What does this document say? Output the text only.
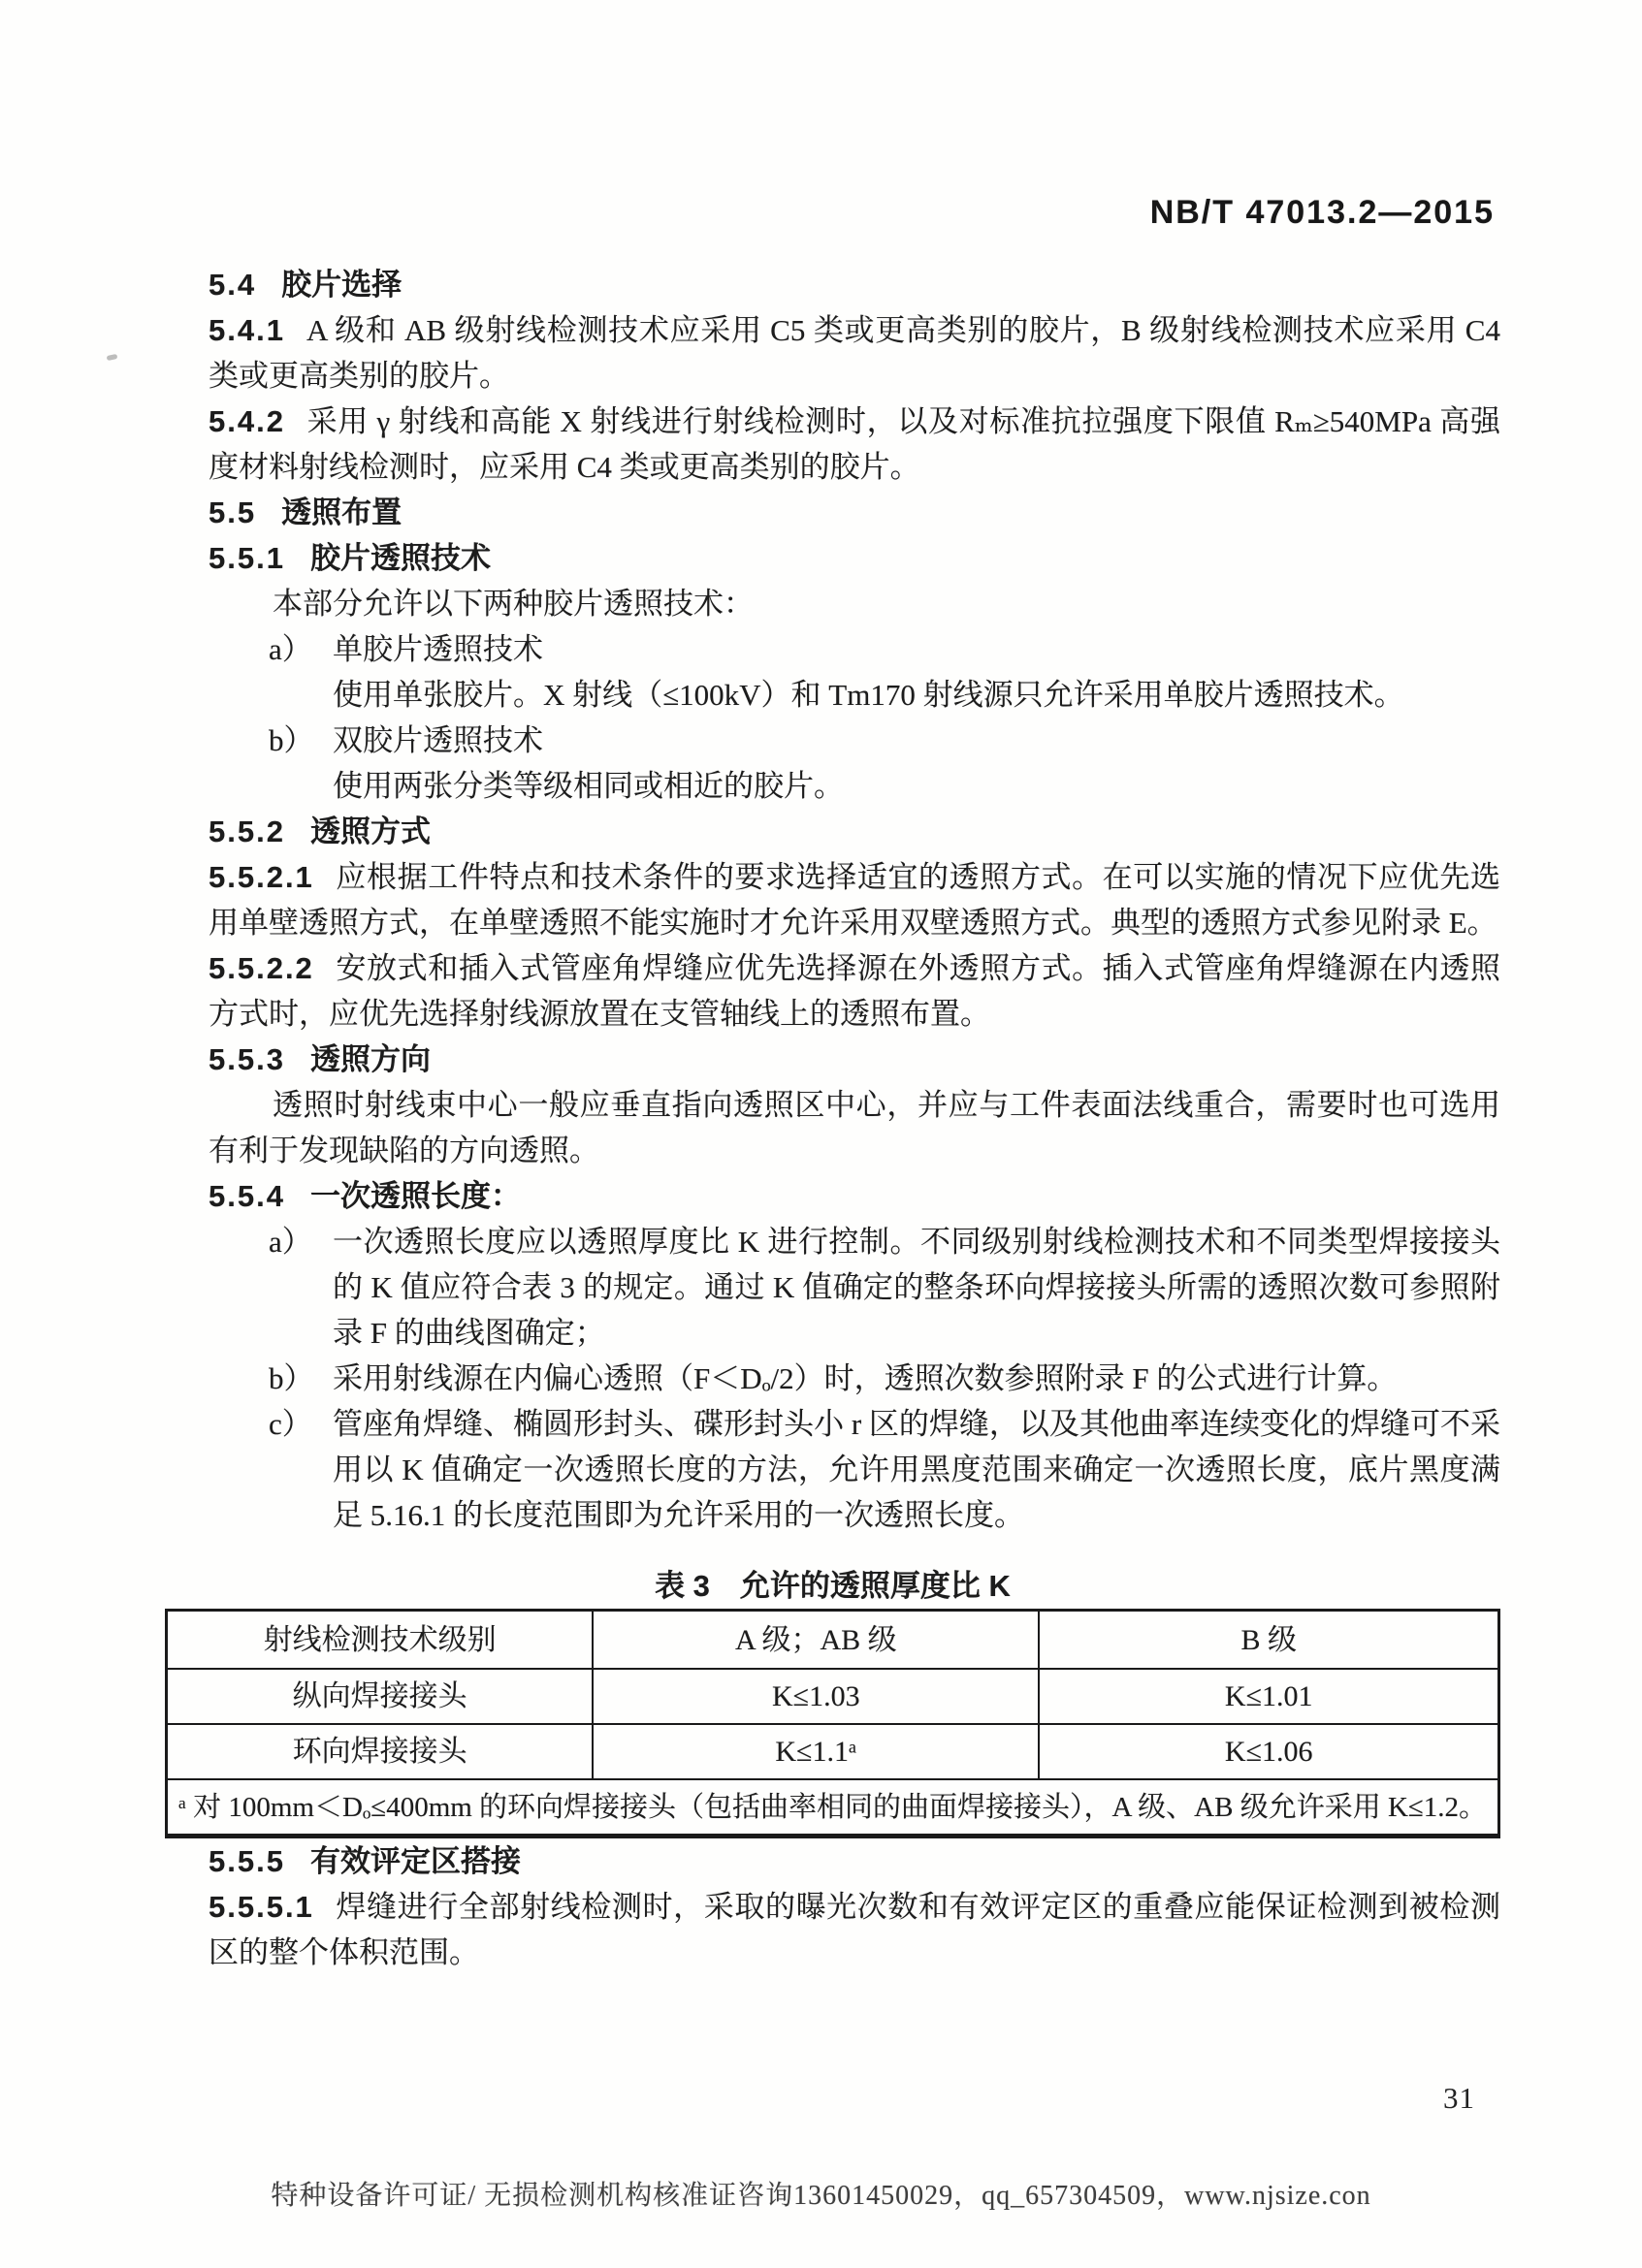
NB/T 47013.2—2015

5.4 胶片选择

5.4.1 A 级和 AB 级射线检测技术应采用 C5 类或更高类别的胶片，B 级射线检测技术应采用 C4 类或更高类别的胶片。

5.4.2 采用 γ 射线和高能 X 射线进行射线检测时，以及对标准抗拉强度下限值 Rₘ≥540MPa 高强度材料射线检测时，应采用 C4 类或更高类别的胶片。

5.5 透照布置

5.5.1 胶片透照技术

本部分允许以下两种胶片透照技术：

a） 单胶片透照技术

使用单张胶片。X 射线（≤100kV）和 Tm170 射线源只允许采用单胶片透照技术。

b） 双胶片透照技术

使用两张分类等级相同或相近的胶片。

5.5.2 透照方式

5.5.2.1 应根据工件特点和技术条件的要求选择适宜的透照方式。在可以实施的情况下应优先选用单壁透照方式，在单壁透照不能实施时才允许采用双壁透照方式。典型的透照方式参见附录 E。

5.5.2.2 安放式和插入式管座角焊缝应优先选择源在外透照方式。插入式管座角焊缝源在内透照方式时，应优先选择射线源放置在支管轴线上的透照布置。

5.5.3 透照方向

透照时射线束中心一般应垂直指向透照区中心，并应与工件表面法线重合，需要时也可选用有利于发现缺陷的方向透照。

5.5.4 一次透照长度：

a） 一次透照长度应以透照厚度比 K 进行控制。不同级别射线检测技术和不同类型焊接接头的 K 值应符合表 3 的规定。通过 K 值确定的整条环向焊接接头所需的透照次数可参照附录 F 的曲线图确定；

b） 采用射线源在内偏心透照（F＜Dₒ/2）时，透照次数参照附录 F 的公式进行计算。

c） 管座角焊缝、椭圆形封头、碟形封头小 r 区的焊缝，以及其他曲率连续变化的焊缝可不采用以 K 值确定一次透照长度的方法，允许用黑度范围来确定一次透照长度，底片黑度满足 5.16.1 的长度范围即为允许采用的一次透照长度。

表 3　允许的透照厚度比 K

射线检测技术级别	A 级；AB 级	B 级
纵向焊接接头	K≤1.03	K≤1.01
环向焊接接头	K≤1.1ᵃ	K≤1.06
ᵃ 对 100mm＜Dₒ≤400mm 的环向焊接接头（包括曲率相同的曲面焊接接头），A 级、AB 级允许采用 K≤1.2。		

5.5.5 有效评定区搭接

5.5.5.1 焊缝进行全部射线检测时，采取的曝光次数和有效评定区的重叠应能保证检测到被检测区的整个体积范围。

31
特种设备许可证/ 无损检测机构核准证咨询13601450029，qq_657304509，www.njsize.con
